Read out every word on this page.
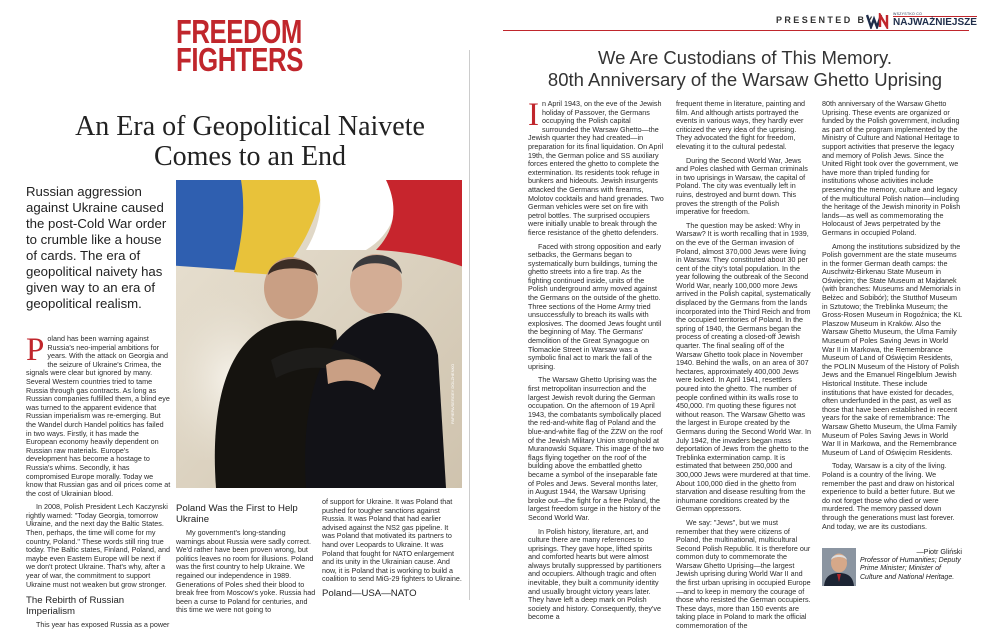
PRESENTED BY
WSZYSTKO CO
NAJWAŻNIEJSZE
FREEDOM
FIGHTERS
An Era of Geopolitical Naivete Comes to an End
Russian aggression against Ukraine caused the post-Cold War order to crumble like a house of cards. The era of geopolitical naivety has given way to an era of geopolitical realism.
PAP/EPA/SERGEY DOLZHENKO

Poland has been warning against Russia's neo-imperial ambitions for years. With the attack on Georgia and the seizure of Ukraine's Crimea, the signals were clear but ignored by many. Several Western countries tried to tame Russia through gas contracts. As long as Russian companies fulfilled them, a blind eye was turned to the apparent evidence that Russian imperialism was re-emerging. But the Wandel durch Handel politics has failed in two ways. Firstly, it has made the European economy heavily dependent on Russian raw materials. Europe's development has become a hostage to Russia's whims. Secondly, it has compromised Europe morally. Today we know that Russian gas and oil prices come at the cost of Ukrainian blood.

In 2008, Polish President Lech Kaczynski rightly warned: "Today Georgia, tomorrow Ukraine, and the next day the Baltic States. Then, perhaps, the time will come for my country, Poland." These words still ring true today. The Baltic states, Finland, Poland, and maybe even Eastern Europe will be next if we don't protect Ukraine. That's why, after a year of war, the commitment to support Ukraine must not weaken but grow stronger.

The Rebirth of Russian Imperialism

This year has exposed Russia as a power

Poland Was the First to Help Ukraine

My government's long-standing warnings about Russia were sadly correct. We'd rather have been proven wrong, but politics leaves no room for illusions. Poland was the first country to help Ukraine. We regained our independence in 1989. Generations of Poles shed their blood to break free from Moscow's yoke. Russia had been a curse to Poland for centuries, and this time we were not going to

of support for Ukraine. It was Poland that pushed for tougher sanctions against Russia. It was Poland that had earlier advised against the NS2 gas pipeline. It was Poland that motivated its partners to hand over Leopards to Ukraine. It was Poland that fought for NATO enlargement and its unity in the Ukrainian cause. And now, it is Poland that is working to build a coalition to send MiG-29 fighters to Ukraine.

Poland—USA—NATO
We Are Custodians of This Memory.
80th Anniversary of the Warsaw Ghetto Uprising

In April 1943, on the eve of the Jewish holiday of Passover, the Germans occupying the Polish capital surrounded the Warsaw Ghetto—the Jewish quarter they had created—in preparation for its final liquidation. On April 19th, the German police and SS auxiliary forces entered the ghetto to complete the extermination. Its residents took refuge in bunkers and hideouts. Jewish insurgents attacked the Germans with firearms, Molotov cocktails and hand grenades. Two German vehicles were set on fire with petrol bottles. The surprised occupiers were initially unable to break through the fierce resistance of the ghetto defenders.

Faced with strong opposition and early setbacks, the Germans began to systematically burn buildings, turning the ghetto streets into a fire trap. As the fighting continued inside, units of the Polish underground army moved against the Germans on the outside of the ghetto. Three sections of the Home Army tried unsuccessfully to breach its walls with explosives. The doomed Jews fought until the beginning of May. The Germans' demolition of the Great Synagogue on Tłomackie Street in Warsaw was a symbolic final act to mark the fall of the uprising.

The Warsaw Ghetto Uprising was the first metropolitan insurrection and the largest Jewish revolt during the German occupation. On the afternoon of 19 April 1943, the combatants symbolically placed the red-and-white flag of Poland and the blue-and-white flag of the ŻZW on the roof of the Jewish Military Union stronghold at Muranowski Square. This image of the two flags flying together on the roof of the building above the embattled ghetto became a symbol of the inseparable fate of Poles and Jews. Several months later, in August 1944, the Warsaw Uprising broke out—the fight for a free Poland, the largest freedom surge in the history of the Second World War.

In Polish history, literature, art, and culture there are many references to uprisings. They gave hope, lifted spirits and comforted hearts but were almost always brutally suppressed by partitioners and occupiers. Although tragic and often inevitable, they built a community identity and usually brought victory years later. They have left a deep mark on Polish society and history. Consequently, they've become a

frequent theme in literature, painting and film. And although artists portrayed the events in various ways, they hardly ever criticized the very idea of the uprising. They advocated the fight for freedom, elevating it to the cultural pedestal.

During the Second World War, Jews and Poles clashed with German criminals in two uprisings in Warsaw, the capital of Poland. The city was eventually left in ruins, destroyed and burnt down. This proves the strength of the Polish imperative for freedom.

The question may be asked: Why in Warsaw? It is worth recalling that in 1939, on the eve of the German invasion of Poland, almost 370,000 Jews were living in Warsaw. They constituted about 30 per cent of the city's total population. In the year following the outbreak of the Second World War, nearly 100,000 more Jews arrived in the Polish capital, systematically displaced by the Germans from the lands incorporated into the Third Reich and from the occupied territories of Poland. In the spring of 1940, the Germans began the process of creating a closed-off Jewish quarter. The final sealing off of the Warsaw Ghetto took place in November 1940. Behind the walls, on an area of 307 hectares, approximately 400,000 Jews were locked. In April 1941, resettlers poured into the ghetto. The number of people confined within its walls rose to 450,000. I'm quoting these figures not without reason. The Warsaw Ghetto was the largest in Europe created by the Germans during the Second World War. In July 1942, the invaders began mass deportation of Jews from the ghetto to the Treblinka extermination camp. It is estimated that between 250,000 and 300,000 Jews were murdered at that time. About 100,000 died in the ghetto from starvation and disease resulting from the inhumane conditions created by the German oppressors.

We say: "Jews", but we must remember that they were citizens of Poland, the multinational, multicultural Second Polish Republic. It is therefore our common duty to commemorate the Warsaw Ghetto Uprising—the largest Jewish uprising during World War II and the first urban uprising in occupied Europe—and to keep in memory the courage of those who resisted the German occupiers. These days, more than 150 events are taking place in Poland to mark the official commemoration of the

80th anniversary of the Warsaw Ghetto Uprising. These events are organized or funded by the Polish government, including as part of the program implemented by the Ministry of Culture and National Heritage to support activities that preserve the legacy and memory of Polish Jews. Since the United Right took over the government, we have more than tripled funding for institutions whose activities include preserving the memory, culture and legacy of the multicultural Polish nation—including the heritage of the Jewish minority in Polish lands—as well as commemorating the Holocaust of Jews perpetrated by the Germans in occupied Poland.

Among the institutions subsidized by the Polish government are the state museums in the former German death camps: the Auschwitz-Birkenau State Museum in Oświęcim; the State Museum at Majdanek (with branches: Museums and Memorials in Bełżec and Sobibór); the Stutthof Museum in Sztutowo; the Treblinka Museum; the Gross-Rosen Museum in Rogoźnica; the KL Plaszow Museum in Kraków. Also the Warsaw Ghetto Museum, the Ulma Family Museum of Poles Saving Jews in World War II in Markowa, the Remembrance Museum of Land of Oświęcim Residents, the POLIN Museum of the History of Polish Jews and the Emanuel Ringelblum Jewish Historical Institute. These include institutions that have existed for decades, often underfunded in the past, as well as those that have been established in recent years for the sake of remembrance: The Warsaw Ghetto Museum, the Ulma Family Museum of Poles Saving Jews in World War II in Markowa, and the Remembrance Museum of Land of Oświęcim Residents.

Today, Warsaw is a city of the living. Poland is a country of the living. We remember the past and draw on historical experience to build a better future. But we do not forget those who died or were murdered. The memory passed down through the generations must last forever. And today, we are its custodians.

—Piotr Gliński
Professor of Humanities; Deputy Prime Minister; Minister of Culture and National Heritage.
